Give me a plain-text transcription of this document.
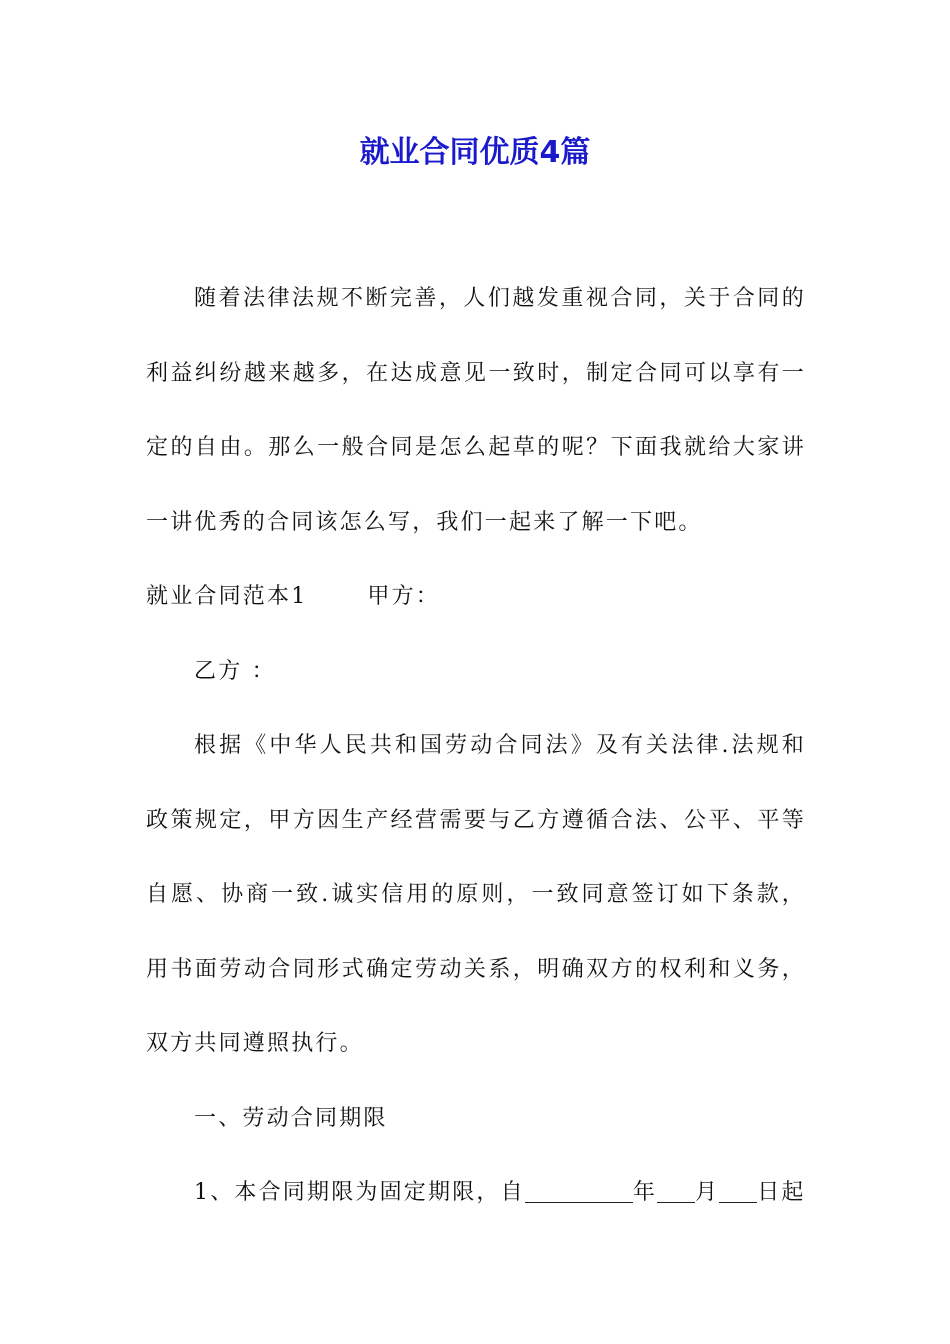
就业合同优质4篇

随着法律法规不断完善，人们越发重视合同，关于合同的利益纠纷越来越多，在达成意见一致时，制定合同可以享有一定的自由。那么一般合同是怎么起草的呢？下面我就给大家讲一讲优秀的合同该怎么写，我们一起来了解一下吧。

就业合同范本1	甲方：

乙方 ：

根据《中华人民共和国劳动合同法》及有关法律.法规和政策规定，甲方因生产经营需要与乙方遵循合法、公平、平等自愿、协商一致.诚实信用的原则，一致同意签订如下条款，用书面劳动合同形式确定劳动关系，明确双方的权利和义务，双方共同遵照执行。

一、劳动合同期限

1、本合同期限为固定期限，自	年 月 日起
